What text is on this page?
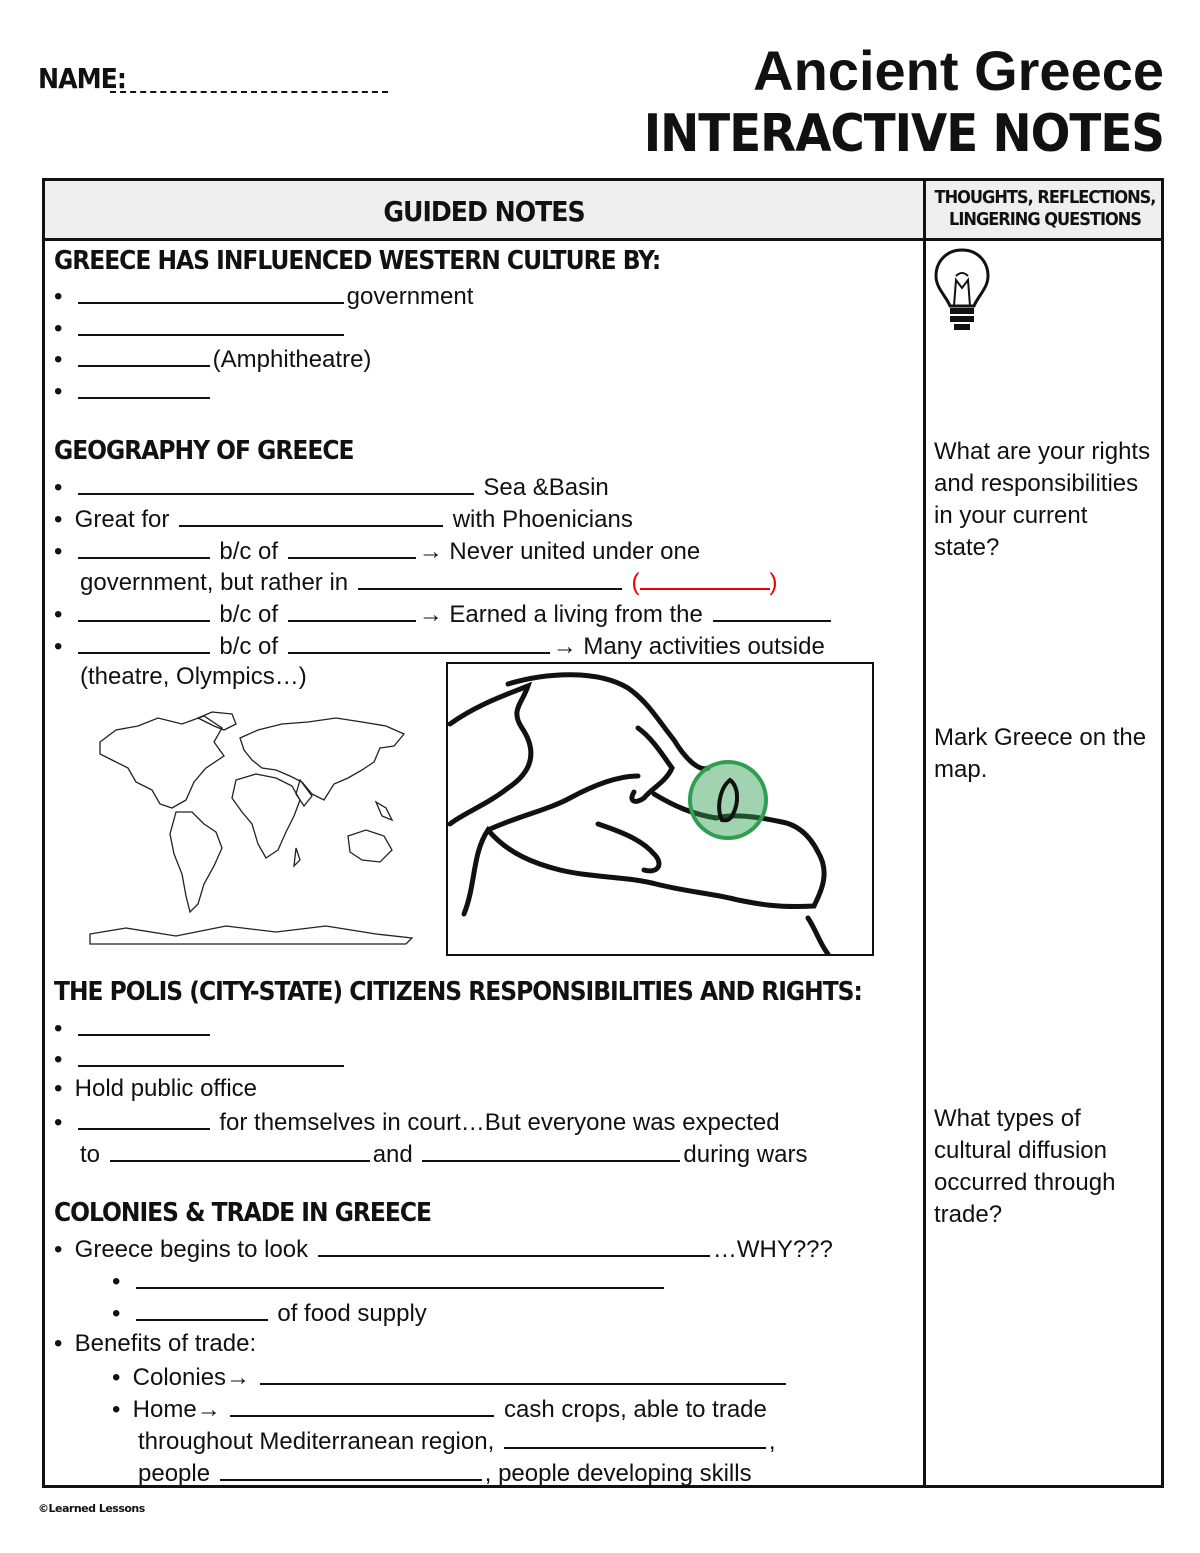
NAME:	Ancient Greece
INTERACTIVE NOTES
GUIDED NOTES	THOUGHTS, REFLECTIONS,
LINGERING QUESTIONS
GREECE HAS INFLUENCED WESTERN CULTURE BY:
•	government
•
•	(Amphitheatre)
•
GEOGRAPHY OF GREECE
•	Sea &Basin
• Great for	with Phoenicians
•	b/c of	→ Never united under one
government, but rather in	(	)
•	b/c of	→ Earned a living from the
•	b/c of	→ Many activities outside
(theatre, Olympics…)
THE POLIS (CITY-STATE) CITIZENS RESPONSIBILITIES AND RIGHTS:
•
•
• Hold public office
•	for themselves in court…But everyone was expected
to	and	during wars
COLONIES & TRADE IN GREECE
• Greece begins to look	…WHY???
•
•	of food supply
• Benefits of trade:
• Colonies→
• Home→	cash crops, able to trade
throughout Mediterranean region,	,
people	, people developing skills
What are your rights and responsibilities in your current state?
Mark Greece on the map.
What types of cultural diffusion occurred through trade?
©Learned Lessons
